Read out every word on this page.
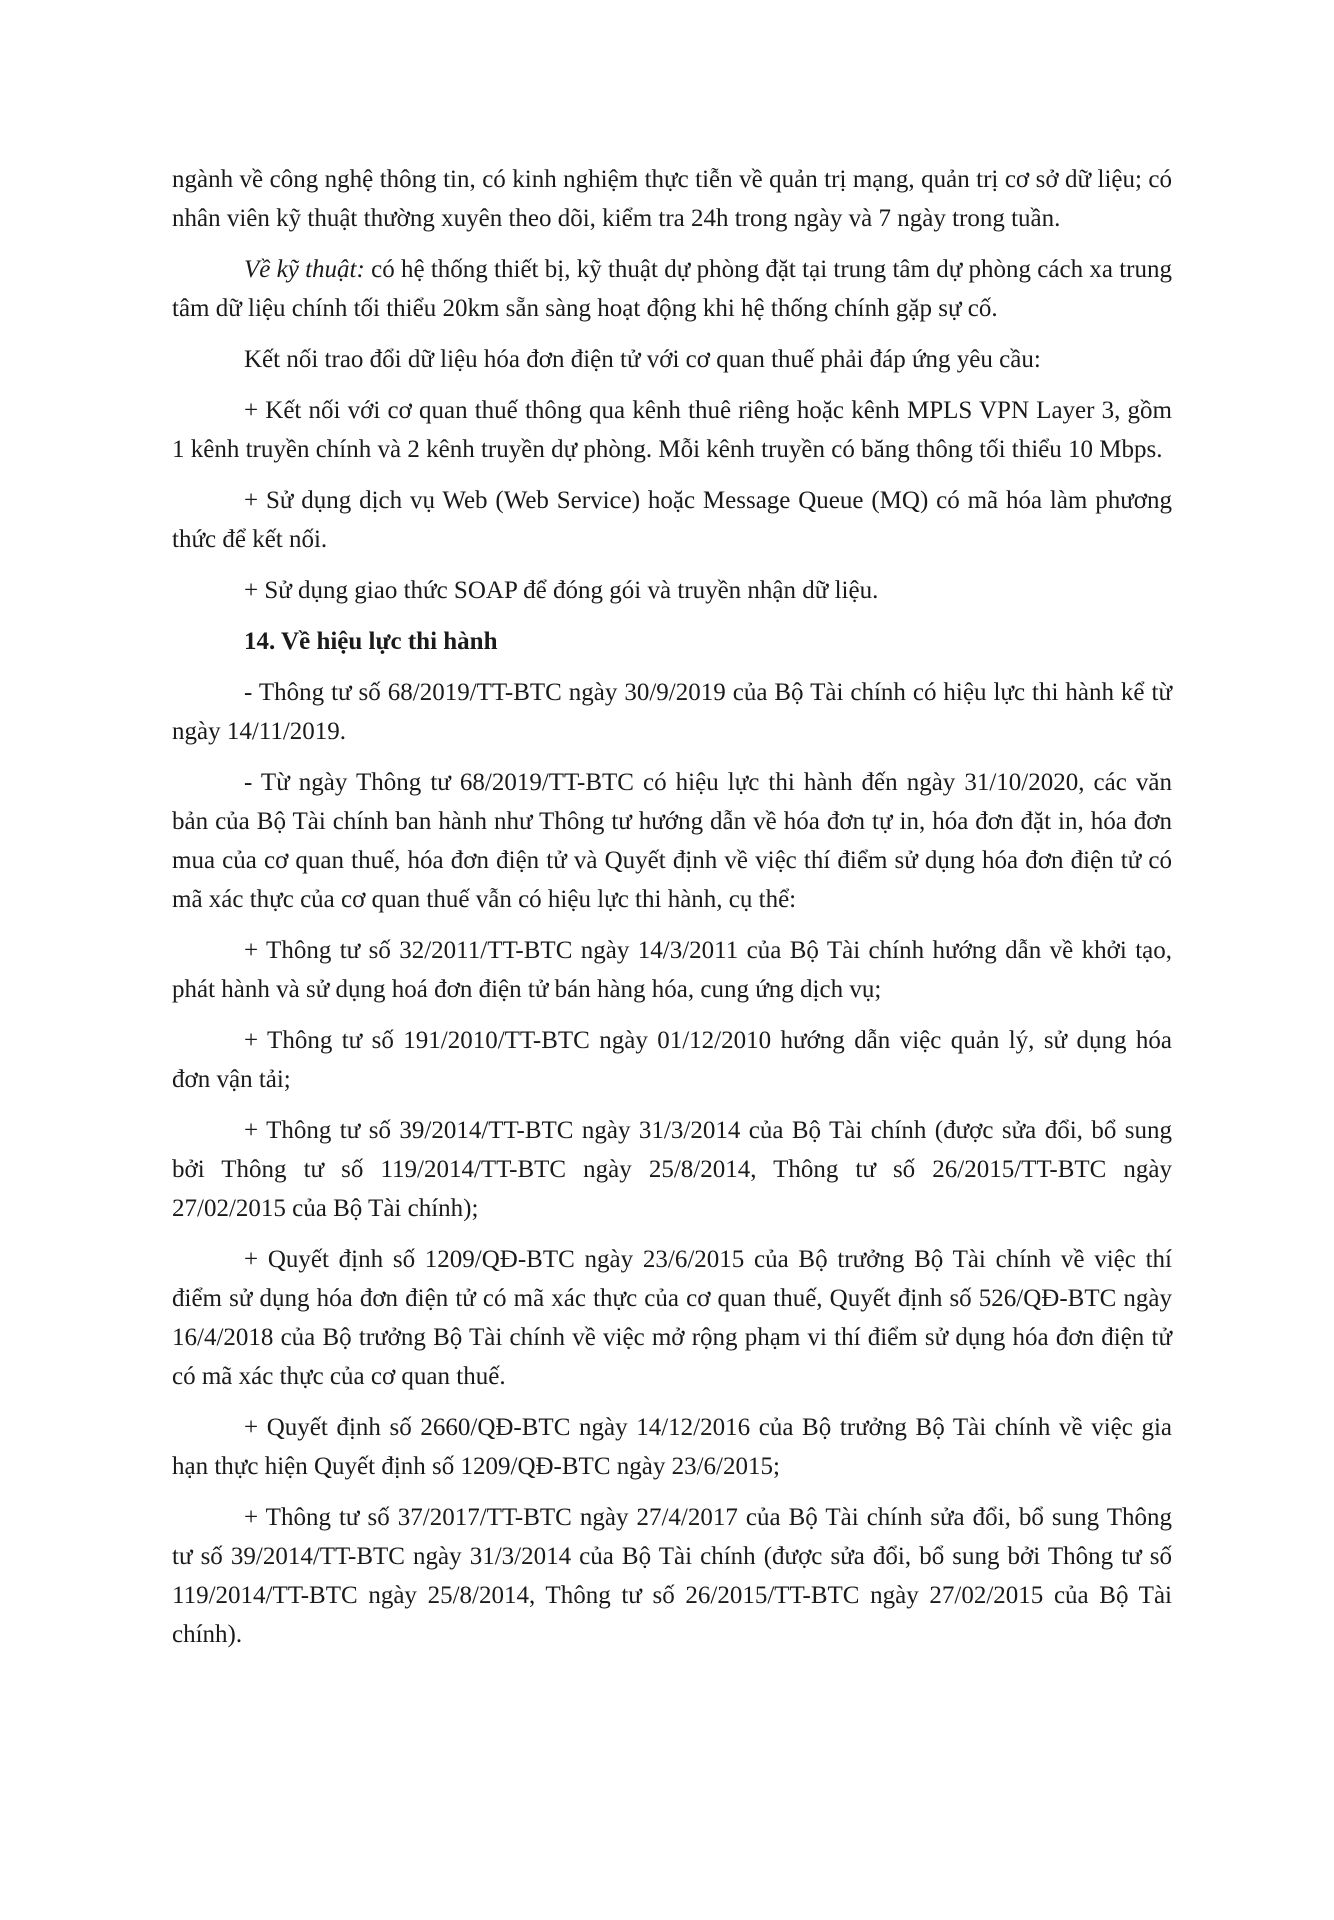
ngành về công nghệ thông tin, có kinh nghiệm thực tiễn về quản trị mạng, quản trị cơ sở dữ liệu; có nhân viên kỹ thuật thường xuyên theo dõi, kiểm tra 24h trong ngày và 7 ngày trong tuần.

Về kỹ thuật: có hệ thống thiết bị, kỹ thuật dự phòng đặt tại trung tâm dự phòng cách xa trung tâm dữ liệu chính tối thiểu 20km sẵn sàng hoạt động khi hệ thống chính gặp sự cố.

Kết nối trao đổi dữ liệu hóa đơn điện tử với cơ quan thuế phải đáp ứng yêu cầu:

+ Kết nối với cơ quan thuế thông qua kênh thuê riêng hoặc kênh MPLS VPN Layer 3, gồm 1 kênh truyền chính và 2 kênh truyền dự phòng. Mỗi kênh truyền có băng thông tối thiểu 10 Mbps.

+ Sử dụng dịch vụ Web (Web Service) hoặc Message Queue (MQ) có mã hóa làm phương thức để kết nối.

+ Sử dụng giao thức SOAP để đóng gói và truyền nhận dữ liệu.

14. Về hiệu lực thi hành

- Thông tư số 68/2019/TT-BTC ngày 30/9/2019 của Bộ Tài chính có hiệu lực thi hành kể từ ngày 14/11/2019.

- Từ ngày Thông tư 68/2019/TT-BTC có hiệu lực thi hành đến ngày 31/10/2020, các văn bản của Bộ Tài chính ban hành như Thông tư hướng dẫn về hóa đơn tự in, hóa đơn đặt in, hóa đơn mua của cơ quan thuế, hóa đơn điện tử và Quyết định về việc thí điểm sử dụng hóa đơn điện tử có mã xác thực của cơ quan thuế vẫn có hiệu lực thi hành, cụ thể:

+ Thông tư số 32/2011/TT-BTC ngày 14/3/2011 của Bộ Tài chính hướng dẫn về khởi tạo, phát hành và sử dụng hoá đơn điện tử bán hàng hóa, cung ứng dịch vụ;

+ Thông tư số 191/2010/TT-BTC ngày 01/12/2010 hướng dẫn việc quản lý, sử dụng hóa đơn vận tải;

+ Thông tư số 39/2014/TT-BTC ngày 31/3/2014 của Bộ Tài chính (được sửa đổi, bổ sung bởi Thông tư số 119/2014/TT-BTC ngày 25/8/2014, Thông tư số 26/2015/TT-BTC ngày 27/02/2015 của Bộ Tài chính);

+ Quyết định số 1209/QĐ-BTC ngày 23/6/2015 của Bộ trưởng Bộ Tài chính về việc thí điểm sử dụng hóa đơn điện tử có mã xác thực của cơ quan thuế, Quyết định số 526/QĐ-BTC ngày 16/4/2018 của Bộ trưởng Bộ Tài chính về việc mở rộng phạm vi thí điểm sử dụng hóa đơn điện tử có mã xác thực của cơ quan thuế.

+ Quyết định số 2660/QĐ-BTC ngày 14/12/2016 của Bộ trưởng Bộ Tài chính về việc gia hạn thực hiện Quyết định số 1209/QĐ-BTC ngày 23/6/2015;

+ Thông tư số 37/2017/TT-BTC ngày 27/4/2017 của Bộ Tài chính sửa đổi, bổ sung Thông tư số 39/2014/TT-BTC ngày 31/3/2014 của Bộ Tài chính (được sửa đổi, bổ sung bởi Thông tư số 119/2014/TT-BTC ngày 25/8/2014, Thông tư số 26/2015/TT-BTC ngày 27/02/2015 của Bộ Tài chính).
